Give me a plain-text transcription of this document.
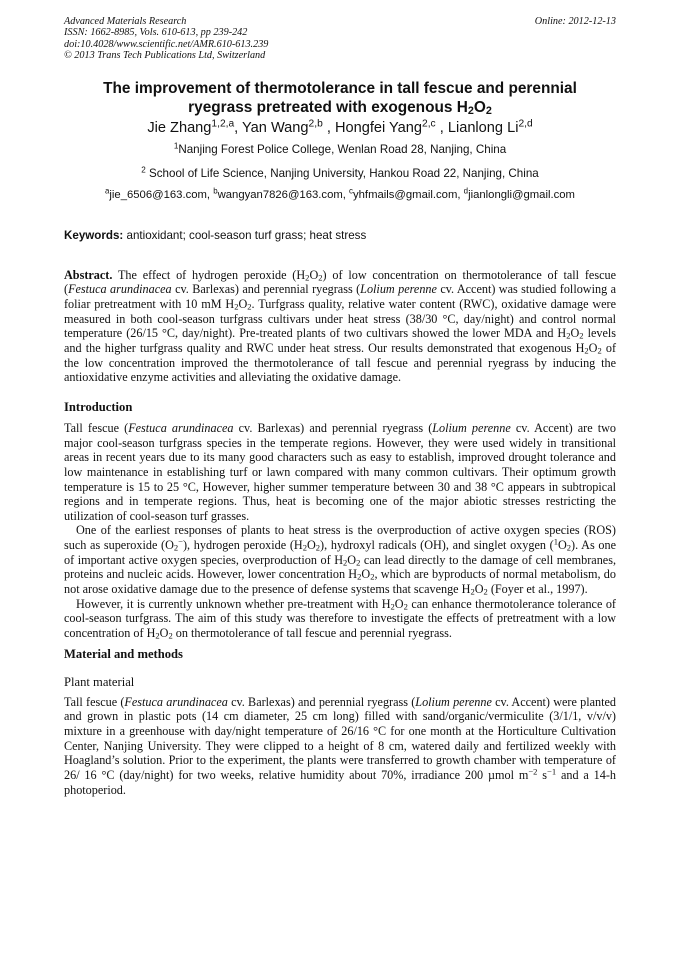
Advanced Materials Research
ISSN: 1662-8985, Vols. 610-613, pp 239-242
doi:10.4028/www.scientific.net/AMR.610-613.239
© 2013 Trans Tech Publications Ltd, Switzerland
Online: 2012-12-13
The improvement of thermotolerance in tall fescue and perennial
ryegrass pretreated with exogenous $H_2O_2$
Jie Zhang$^{1,2,a}$, Yan Wang$^{2,b}$ , Hongfei Yang$^{2,c}$ , Lianlong Li$^{2,d}$
$^1$Nanjing Forest Police College, Wenlan Road 28, Nanjing, China
$^2$ School of Life Science, Nanjing University, Hankou Road 22, Nanjing, China
$^a$jie_6506@163.com, $^b$wangyan7826@163.com, $^c$yhfmails@gmail.com, $^d$jianlongli@gmail.com
Keywords: antioxidant; cool-season turf grass; heat stress
Abstract. The effect of hydrogen peroxide $(H_2O_2)$ of low concentration on thermotolerance of tall fescue (Festuca arundinacea cv. Barlexas) and perennial ryegrass (Lolium perenne cv. Accent) was studied following a foliar pretreatment with 10 mM $H_2O_2$. Turfgrass quality, relative water content (RWC), oxidative damage were measured in both cool-season turfgrass cultivars under heat stress (38/30 °C, day/night) and control normal temperature (26/15 °C, day/night). Pre-treated plants of two cultivars showed the lower MDA and $H_2O_2$ levels and the higher turfgrass quality and RWC under heat stress. Our results demonstrated that exogenous $H_2O_2$ of the low concentration improved the thermotolerance of tall fescue and perennial ryegrass by inducing the antioxidative enzyme activities and alleviating the oxidative damage.
Introduction

Tall fescue (Festuca arundinacea cv. Barlexas) and perennial ryegrass (Lolium perenne cv. Accent) are two major cool-season turfgrass species in the temperate regions. However, they were used widely in transitional areas in recent years due to its many good characters such as easy to establish, improved drought tolerance and low maintenance in establishing turf or lawn compared with many common cultivars. Their optimum growth temperature is 15 to 25 °C, However, higher summer temperature between 30 and 38 °C appears in subtropical regions and in temperate regions. Thus, heat is becoming one of the major abiotic stresses restricting the utilization of cool-season turf grasses.

One of the earliest responses of plants to heat stress is the overproduction of active oxygen species (ROS) such as superoxide $(O_2^-)$, hydrogen peroxide $(H_2O_2)$, hydroxyl radicals (OH), and singlet oxygen $(^1O_2)$. As one of important active oxygen species, overproduction of $H_2O_2$ can lead directly to the damage of cell membranes, proteins and nucleic acids. However, lower concentration $H_2O_2$, which are byproducts of normal metabolism, do not arose oxidative damage due to the presence of defense systems that scavenge $H_2O_2$ (Foyer et al., 1997).

However, it is currently unknown whether pre-treatment with $H_2O_2$ can enhance thermotolerance tolerance of cool-season turfgrass. The aim of this study was therefore to investigate the effects of pretreatment with a low concentration of $H_2O_2$ on thermotolerance of tall fescue and perennial ryegrass.

Material and methods
Plant material

Tall fescue (Festuca arundinacea cv. Barlexas) and perennial ryegrass (Lolium perenne cv. Accent) were planted and grown in plastic pots (14 cm diameter, 25 cm long) filled with sand/organic/vermiculite (3/1/1, v/v/v) mixture in a greenhouse with day/night temperature of 26/16 °C for one month at the Horticulture Cultivation Center, Nanjing University. They were clipped to a height of 8 cm, watered daily and fertilized weekly with Hoagland’s solution. Prior to the experiment, the plants were transferred to growth chamber with temperature of 26/ 16 °C (day/night) for two weeks, relative humidity about 70%, irradiance 200 µmol $m^{-2}$ $s^{-1}$ and a 14-h photoperiod.
